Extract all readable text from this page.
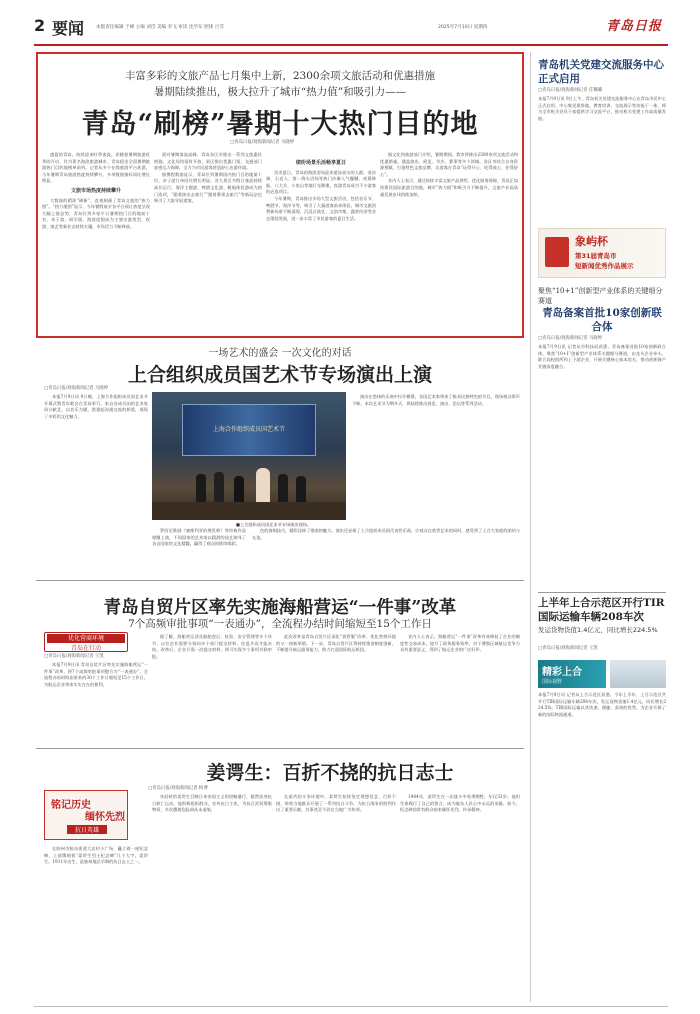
2 要闻	本版责任编辑 于峰 主编 刘岱 美编 李飞 审读 沈学东 照排 吕雪	2025年7月10日 星期四	青岛日报
丰富多彩的文旅产品七月集中上新，2300余项文旅活动和优惠措施
暑期陆续推出，极大拉升了城市“热力值”和吸引力——
青岛“刷榜”暑期十大热门目的地
□青岛日报/观海新闻记者 马晓婷

盛夏的青岛，持续迎来旺季客流。伴随着暑期旅游旺季的开启，作为著名海滨旅游城市，青岛稳坐全国暑期旅游热门目的地榜单前列。记者从多个在线旅游平台获悉，今年暑期青岛旅游热度持续攀升，多项数据指标同比增长明显。

文旅市场热度持续攀升

大数据的精准“刷新”，直观刻画了青岛文旅的“热力图”。“热力地图”显示，今年暑假前夕各平台预订热度呈现大幅上涨态势，青岛位列多家平台暑期热门目的地前十名，亲子游、研学游、海滨度假成为主要出游类型，夜游、演艺等新业态持续火爆，市场活力不断释放。

面对暑期客流高峰，青岛各区市推出一系列文旅惠民措施，文化场馆延时开放，景区推出优惠门票，交通部门加密运力保障，全力为市民游客营造舒心出游环境。

据携程数据显示，青岛位列暑期国内热门目的地第十位，亲子游订单同比增长明显。各大景区节假日客流持续高位运行，海洋主题游、啤酒文化游、帆船体验游成为热门选项，“跟着演出去旅行”“跟着赛事去旅行”等新玩法也吸引了大批年轻游客。

缤纷场景乐活畅享夏日

炎炎夏日，青岛的海滨浴场迎来游泳戏水的人群，金沙滩、石老人、第一海水浴场等热门沙滩人气爆棚。夜幕降临，八大关、小鱼山等地灯光璀璨，夜游青岛成为不少游客的必选项目。

今年暑期，青岛推出多场大型文旅活动，包括音乐节、啤酒节、海洋节等，吸引了大量游客前来体验。城市文旅消费新场景不断涌现，沉浸式演艺、文创市集、露营经济等业态蓬勃发展，进一步丰富了市民游客的夏日生活。

据文化和旅游部门介绍，暑期期间，我市将推出2300余项文旅活动和优惠措施，涵盖演出、展览、节庆、赛事等多个领域。各区市结合自身资源禀赋，打造特色文旅品牌，让游客在青岛“玩得开心、吃得放心、住得舒心”。

业内人士表示，通过持续丰富文旅产品供给，优化服务保障，青岛正加快建设国际旅游目的地，城市“热力值”和吸引力不断提升，文旅产业高质量发展步伐持续加快。

一场艺术的盛会 一次文化的对话
上合组织成员国艺术节专场演出上演
□青岛日报/观海新闻记者 马晓婷

本报7月9日讯 9日晚，上海合作组织成员国艺术节开幕式暨青年歌会在青岛举行。来自各成员国的艺术家同台献艺，以音乐为媒，搭建起沟通交流的桥梁，展现了多彩的文化魅力。

上海合作组织成员国艺术节
■上合组织成员国艺术节专场演出现场。

演出在悠扬的乐曲中拉开帷幕，各国艺术家带来了极具民族特色的节目，现场观众掌声不断。本次艺术节为期多天，将陆续推出展览、演出、论坛等系列活动。

罗西尼歌剧《塞维利亚的理发师》等经典作品相继上演，不同国家的艺术家以精湛的技艺演绎了各自国家的文化精髓，赢得了观众的阵阵喝彩。

色的演唱技巧，精彩诠释了歌曲的魅力。演出还安排了上合组织成员国代表性乐曲，让观众在欣赏艺术的同时，感受到了上合大家庭的团结与友谊。

青岛自贸片区率先实施海船营运“一件事”改革
7个高频审批事项“一表通办”，全流程办结时间缩短至15个工作日
优化营商环境
青岛在行动
□青岛日报/观海新闻记者 王凯

本报7月9日讯 青岛自贸片区率先实施海船营运“一件事”改革，将7个高频审批事项整合为“一表通办”，全流程办结时间由原来的30个工作日缩短至15个工作日，为航运企业带来实实在在的便利。

据了解，海船营运涉及船舶登记、检验、安全管理等多个环节，以往企业需要分别向多个部门提交材料，往返多次才能办结。改革后，企业只需一次提交材料，即可实现多个事项并联审批。

此次改革是青岛自贸片区深化“放管服”改革、优化营商环境的又一创新举措。下一步，青岛自贸片区将持续推进制度创新，不断提升航运服务能力，助力打造国际航运枢纽。

业内人士表示，海船营运“一件事”改革有效降低了企业的制度性交易成本，提升了政务服务效率，对于增强区域航运竞争力具有重要意义，得到了航运企业的广泛好评。

铭记历史
缅怀先烈
抗日英雄
姜谔生：百折不挠的抗日志士
□青岛日报/观海新闻记者 杨博

在胶州市胶东街道大店村小广场，矗立着一座纪念碑，上面镌刻着“姜谔生烈士纪念碑”几个大字。姜谔生，1911年出生，是胶州地区早期的抗日志士之一。

年轻时的姜谔生目睹日本帝国主义的侵略暴行，毅然投身抗日救亡运动。他积极组织群众，宣传抗日主张，为抗日武装筹集物资，多次遭遇危险却从未退缩。

在艰苦的斗争环境中，姜谔生始终坚定理想信念，百折不挠，带领当地群众开展了一系列抗日斗争，为抗日战争的胜利作出了重要贡献，其事迹至今仍在当地广为传颂。

1944年，姜谔生在一次战斗中英勇牺牲，年仅33岁。他用生命践行了自己的誓言，成为胶东人民心中永远的英雄。如今，纪念碑前常有群众前来缅怀先烈、传承精神。

青岛机关党建交流服务中心正式启用
□青岛日报/观海新闻记者 任璐璐
本报7月9日讯 9日上午，青岛机关党建交流服务中心在青岛市民中心正式启用。中心集党建阵地、教育培训、交流展示等功能于一体，将为全市机关党员干部提供学习交流平台，推动机关党建工作高质量发展。
象屿杯
第31届青岛市
短新闻优秀作品展示
聚焦“10+1”创新型产业体系的关键细分赛道
青岛备案首批10家创新联合体
□青岛日报/观海新闻记者 马晓婷
本报7月9日讯 记者从市科技局获悉，青岛备案首批10家创新联合体，聚焦“10+1”创新型产业体系关键细分赛道，由龙头企业牵头，联合高校院所和上下游企业，开展关键核心技术攻关，推动创新链产业链深度融合。
上半年上合示范区开行TIR国际运输车辆208车次
发运货物货值1.4亿元，同比增长224.5%
□青岛日报/观海新闻记者 王凯
精彩上合
国际视野
本报7月9日讯 记者从上合示范区获悉，今年上半年，上合示范区共开行TIR国际运输车辆208车次，发运货物货值1.4亿元，同比增长224.5%。TIR国际运输以其快速、便捷、高效的优势，为企业开辟了新的国际物流通道。
